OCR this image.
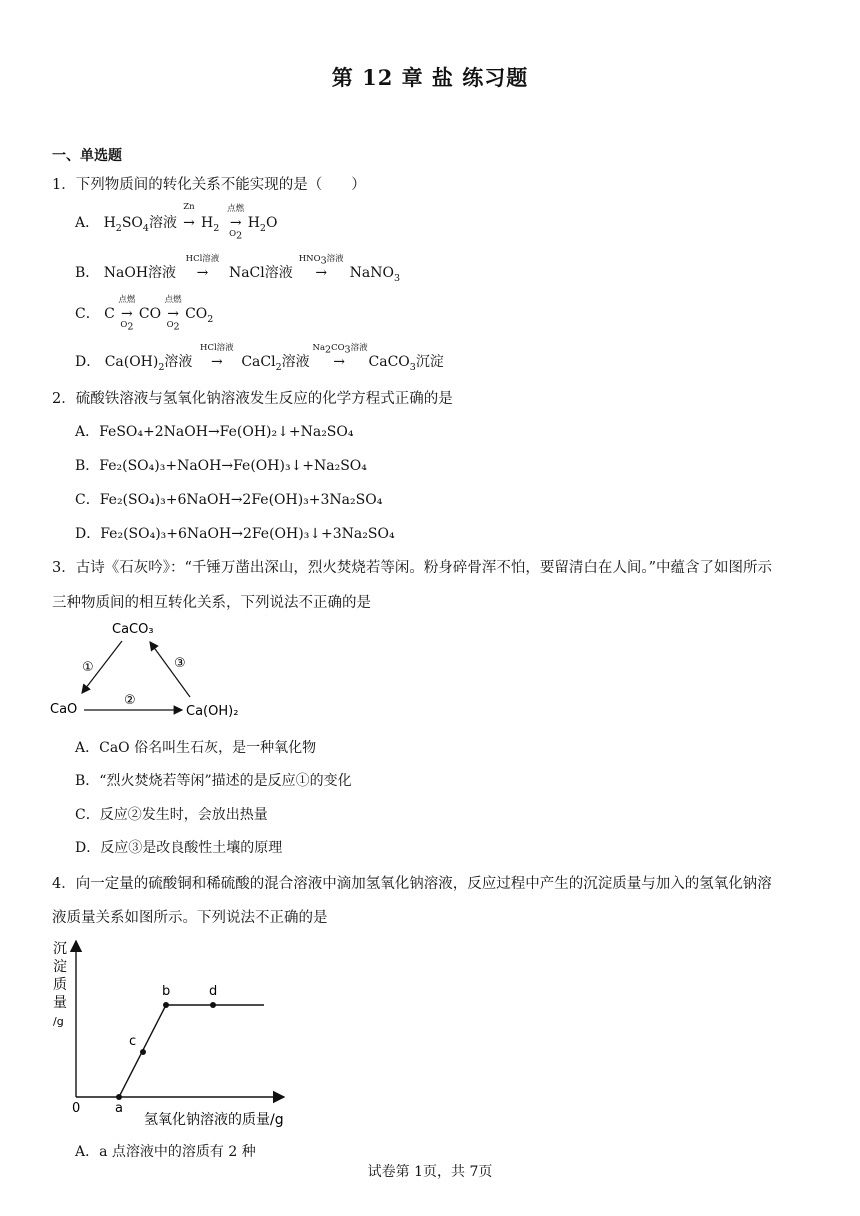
第 12 章 盐 练习题
一、单选题
1．下列物质间的转化关系不能实现的是（　　）
A． $H_2SO_4$溶液
Zn
→ $H_2$
点燃
→
$O_2$
$H_2O$
B． NaOH溶液
HCl溶液
→ NaCl溶液
$HNO_3$溶液
→ NaNO$_3$
C． C
点燃
→
$O_2$
CO
点燃
→
$O_2$
$CO_2$
D． $Ca(OH)_2$溶液
HCl溶液
→ CaCl$_2$溶液
$Na_2CO_3$溶液
→ CaCO$_3$沉淀
2．硫酸铁溶液与氢氧化钠溶液发生反应的化学方程式正确的是
A．FeSO₄+2NaOH→Fe(OH)₂↓+Na₂SO₄
B．Fe₂(SO₄)₃+NaOH→Fe(OH)₃↓+Na₂SO₄
C．Fe₂(SO₄)₃+6NaOH→2Fe(OH)₃+3Na₂SO₄
D．Fe₂(SO₄)₃+6NaOH→2Fe(OH)₃↓+3Na₂SO₄
3．古诗《石灰吟》：“千锤万凿出深山，烈火焚烧若等闲。粉身碎骨浑不怕，要留清白在人间。”中蕴含了如图所示
三种物质间的相互转化关系，下列说法不正确的是
CaCO₃
CaO	Ca(OH)₂
①
②
③
A．CaO 俗名叫生石灰，是一种氧化物
B．“烈火焚烧若等闲”描述的是反应①的变化
C．反应②发生时，会放出热量
D．反应③是改良酸性土壤的原理
4．向一定量的硫酸铜和稀硫酸的混合溶液中滴加氢氧化钠溶液，反应过程中产生的沉淀质量与加入的氢氧化钠溶
液质量关系如图所示。下列说法不正确的是
沉
淀
质
量
/g
a
b
c
d
0
氢氧化钠溶液的质量/g
A．a 点溶液中的溶质有 2 种
试卷第 1页，共 7页
